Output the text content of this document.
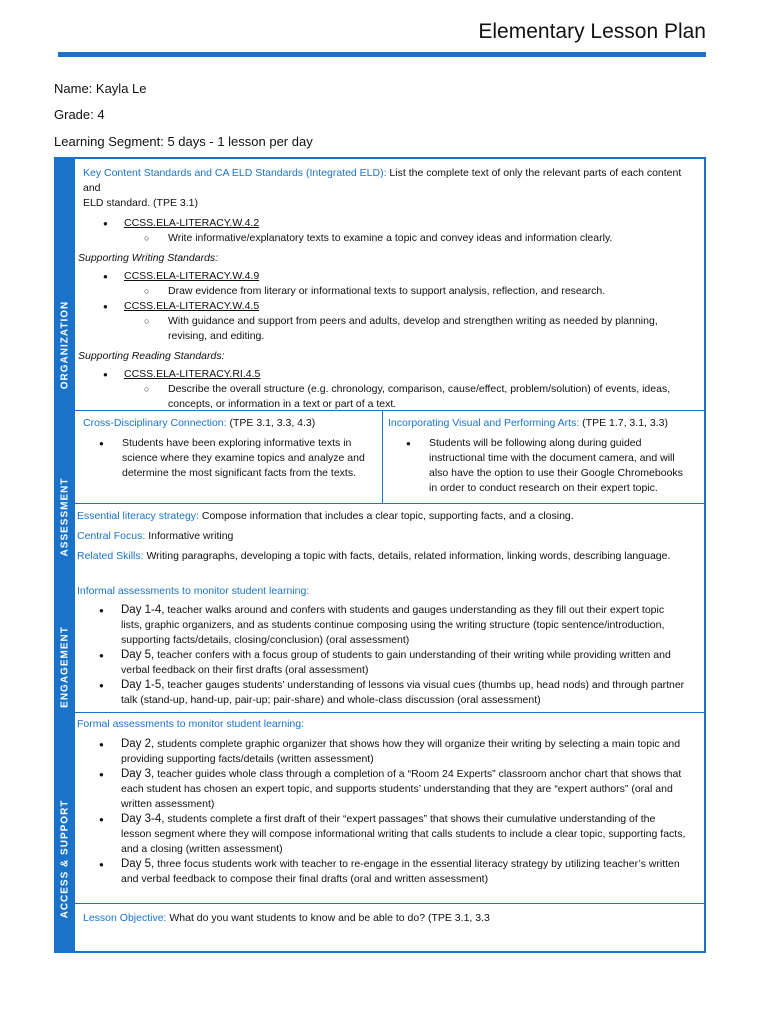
Elementary Lesson Plan
Name: Kayla Le
Grade: 4
Learning Segment: 5 days - 1 lesson per day
ORGANIZATION
ASSESSMENT
ENGAGEMENT
ACCESS & SUPPORT
Key Content Standards and CA ELD Standards (Integrated ELD): List the complete text of only the relevant parts of each content and
ELD standard. (TPE 3.1)
● CCSS.ELA-LITERACY.W.4.2
○ Write informative/explanatory texts to examine a topic and convey ideas and information clearly.
Supporting Writing Standards:
● CCSS.ELA-LITERACY.W.4.9
○ Draw evidence from literary or informational texts to support analysis, reflection, and research.
● CCSS.ELA-LITERACY.W.4.5
○ With guidance and support from peers and adults, develop and strengthen writing as needed by planning, revising, and editing.
Supporting Reading Standards:
● CCSS.ELA-LITERACY.RI.4.5
○ Describe the overall structure (e.g. chronology, comparison, cause/effect, problem/solution) of events, ideas, concepts, or information in a text or part of a text.
Cross-Disciplinary Connection: (TPE 3.1, 3.3, 4.3)
● Students have been exploring informative texts in science where they examine topics and analyze and determine the most significant facts from the texts.
Incorporating Visual and Performing Arts: (TPE 1.7, 3.1, 3.3)
● Students will be following along during guided instructional time with the document camera, and will also have the option to use their Google Chromebooks in order to conduct research on their expert topic.
Essential literacy strategy: Compose information that includes a clear topic, supporting facts, and a closing.
Central Focus: Informative writing
Related Skills: Writing paragraphs, developing a topic with facts, details, related information, linking words, describing language.
Informal assessments to monitor student learning:
● Day 1-4, teacher walks around and confers with students and gauges understanding as they fill out their expert topic lists, graphic organizers, and as students continue composing using the writing structure (topic sentence/introduction, supporting facts/details, closing/conclusion) (oral assessment)
● Day 5, teacher confers with a focus group of students to gain understanding of their writing while providing written and verbal feedback on their first drafts (oral assessment)
● Day 1-5, teacher gauges students’ understanding of lessons via visual cues (thumbs up, head nods) and through partner talk (stand-up, hand-up, pair-up; pair-share) and whole-class discussion (oral assessment)
Formal assessments to monitor student learning:
● Day 2, students complete graphic organizer that shows how they will organize their writing by selecting a main topic and providing supporting facts/details (written assessment)
● Day 3, teacher guides whole class through a completion of a “Room 24 Experts” classroom anchor chart that shows that each student has chosen an expert topic, and supports students’ understanding that they are “expert authors” (oral and written assessment)
● Day 3-4, students complete a first draft of their “expert passages” that shows their cumulative understanding of the lesson segment where they will compose informational writing that calls students to include a clear topic, supporting facts, and a closing (written assessment)
● Day 5, three focus students work with teacher to re-engage in the essential literacy strategy by utilizing teacher’s written and verbal feedback to compose their final drafts (oral and written assessment)
Lesson Objective: What do you want students to know and be able to do? (TPE 3.1, 3.3
